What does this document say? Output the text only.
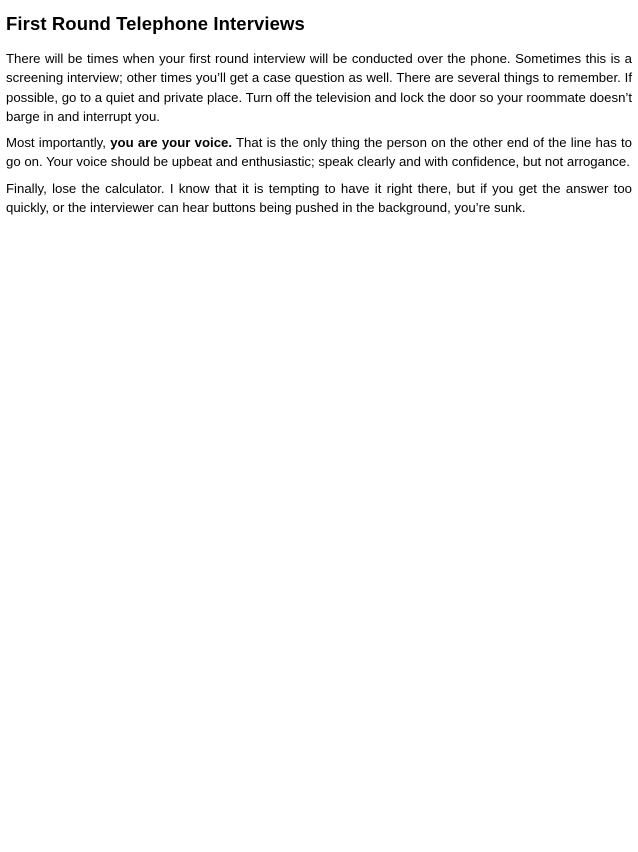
First Round Telephone Interviews

There will be times when your first round interview will be conducted over the phone. Sometimes this is a screening interview; other times you’ll get a case question as well. There are several things to remember. If possible, go to a quiet and private place. Turn off the television and lock the door so your roommate doesn’t barge in and interrupt you.

Most importantly, you are your voice. That is the only thing the person on the other end of the line has to go on. Your voice should be upbeat and enthusiastic; speak clearly and with confidence, but not arrogance.

Finally, lose the calculator. I know that it is tempting to have it right there, but if you get the answer too quickly, or the interviewer can hear buttons being pushed in the background, you’re sunk.
